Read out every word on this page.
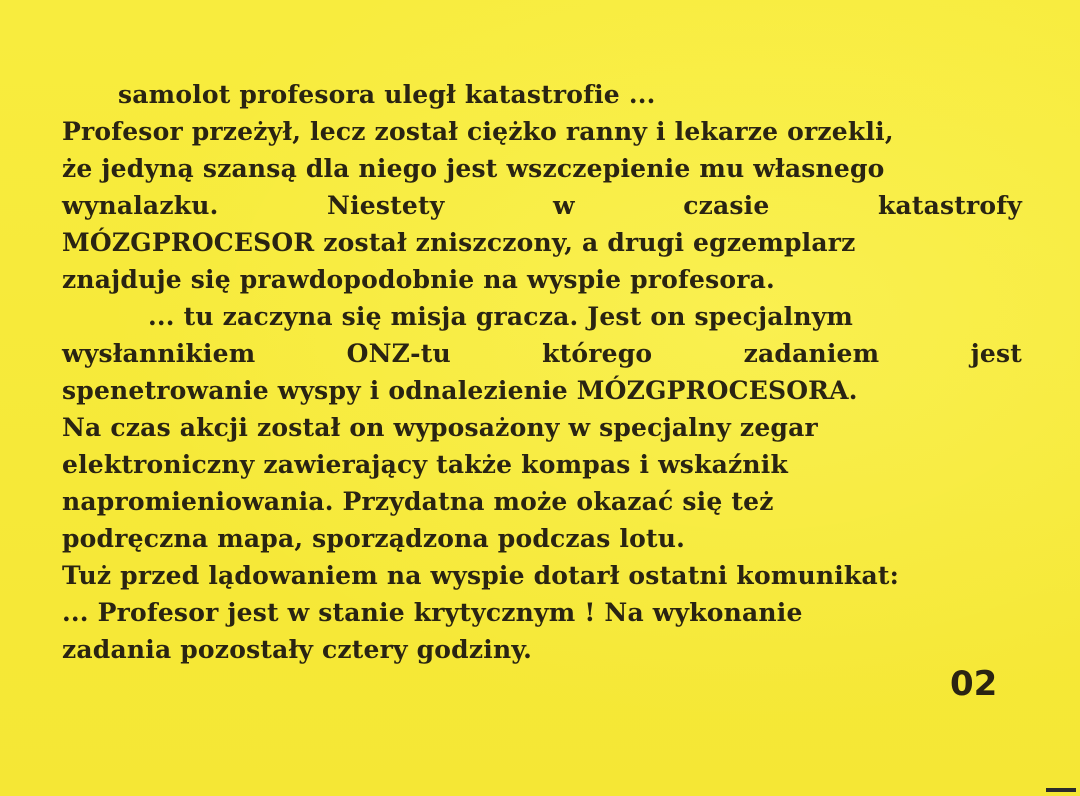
samolot profesora uległ katastrofie ...
Profesor przeżył, lecz został ciężko ranny i lekarze orzekli,
że jedyną szansą dla niego jest wszczepienie mu własnego
wynalazku.	Niestety	w	czasie	katastrofy
MÓZGPROCESOR został zniszczony, a drugi egzemplarz
znajduje się prawdopodobnie na wyspie profesora.
... tu zaczyna się misja gracza. Jest on specjalnym
wysłannikiem	ONZ-tu	którego	zadaniem	jest
spenetrowanie wyspy i odnalezienie MÓZGPROCESORA.
Na czas akcji został on wyposażony w specjalny zegar
elektroniczny zawierający także kompas i wskaźnik
napromieniowania. Przydatna może okazać się też
podręczna mapa, sporządzona podczas lotu.
Tuż przed lądowaniem na wyspie dotarł ostatni komunikat:
... Profesor jest w stanie krytycznym ! Na wykonanie
zadania pozostały cztery godziny.
02
